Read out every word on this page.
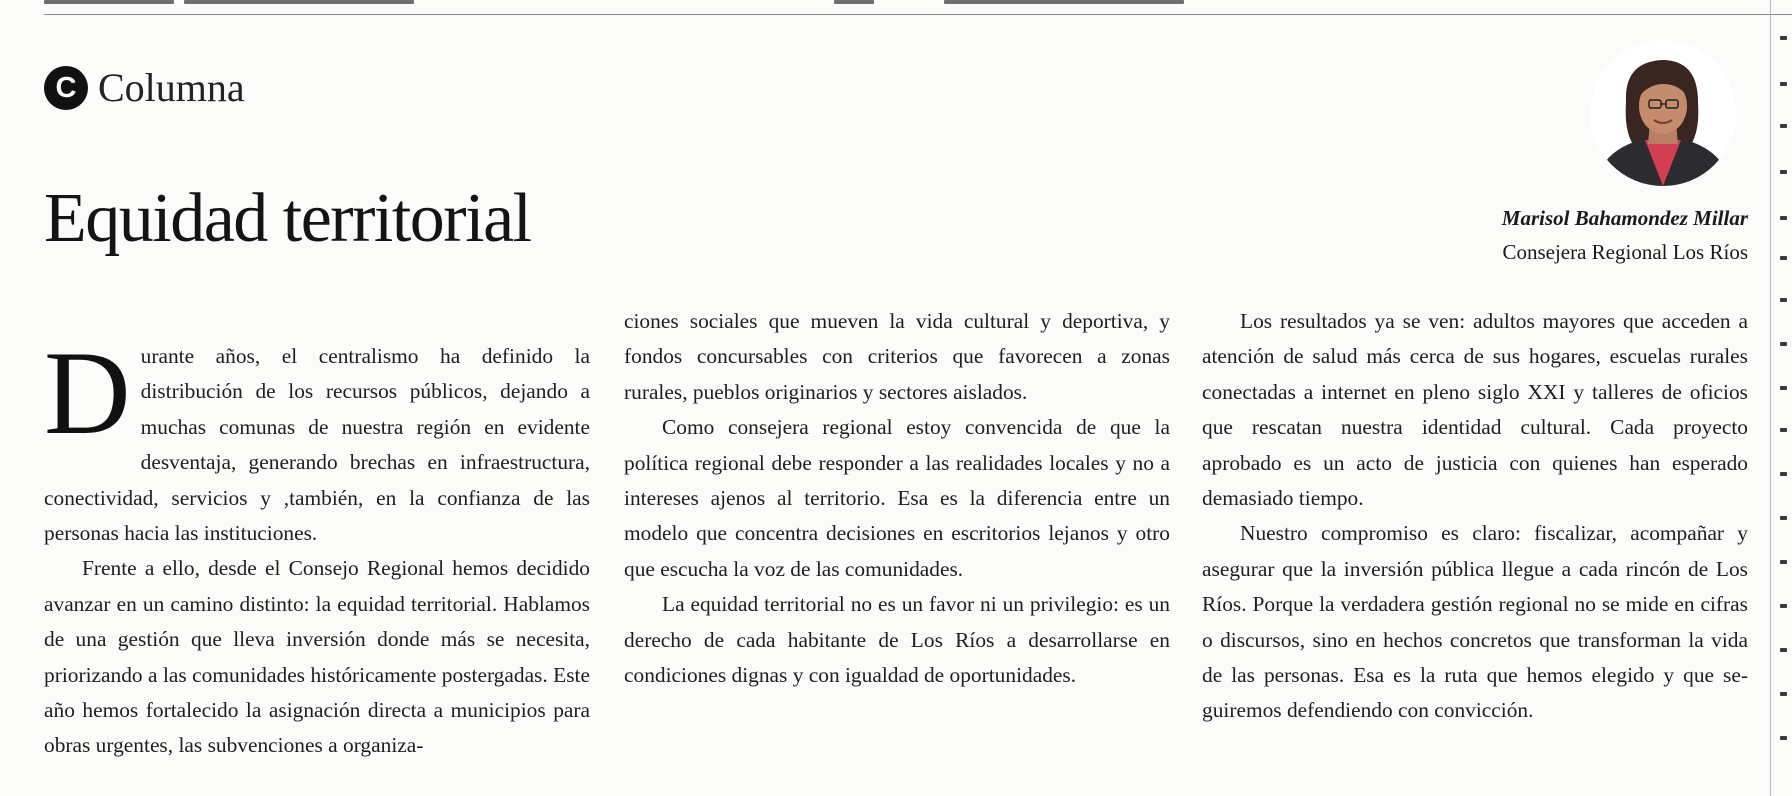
C Columna
Equidad territorial	Marisol Bahamondez Millar
Consejera Regional Los Ríos
D urante años, el centralismo ha definido la distribución de los recursos públicos, dejando a muchas comunas de nuestra región en evidente desventaja, generando brechas en infraestructura, conectividad, servicios y ,también, en la confianza de las personas hacia las instituciones.

Frente a ello, desde el Consejo Regional hemos decidido avanzar en un camino distinto: la equidad territorial. Hablamos de una gestión que lleva inversión donde más se necesita, priorizando a las comunidades históricamente postergadas. Este año hemos fortalecido la asignación directa a municipios para obras urgentes, las subvenciones a organiza-

ciones sociales que mueven la vida cultural y deportiva, y fondos concursables con criterios que favorecen a zonas rurales, pueblos originarios y sectores aislados.

Como consejera regional estoy convencida de que la política regional debe responder a las realidades locales y no a intereses ajenos al territorio. Esa es la diferencia entre un modelo que concentra decisiones en escritorios lejanos y otro que escucha la voz de las comunidades.

La equidad territorial no es un favor ni un privilegio: es un derecho de cada habitante de Los Ríos a desarrollarse en condiciones dignas y con igualdad de oportunidades.

Los resultados ya se ven: adultos mayores que acceden a atención de salud más cerca de sus hogares, escuelas rurales conectadas a internet en pleno siglo XXI y talleres de oficios que rescatan nuestra identidad cultural. Cada proyecto aprobado es un acto de justicia con quienes han esperado demasiado tiempo.

Nuestro compromiso es claro: fiscalizar, acompañar y asegurar que la inversión pública llegue a cada rincón de Los Ríos. Porque la verdadera gestión regional no se mide en cifras o discursos, sino en hechos concretos que transforman la vida de las personas. Esa es la ruta que hemos elegido y que seguiremos defendiendo con convicción.
